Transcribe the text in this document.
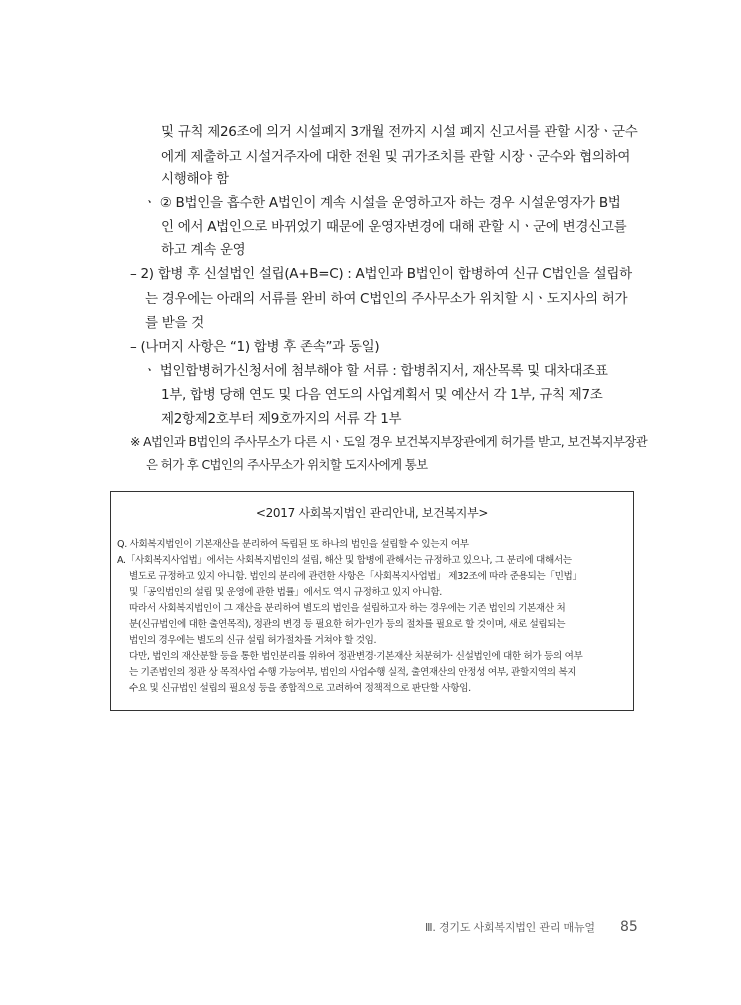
및 규칙 제26조에 의거 시설폐지 3개월 전까지 시설 폐지 신고서를 관할 시장ㆍ군수
에게 제출하고 시설거주자에 대한 전원 및 귀가조치를 관할 시장ㆍ군수와 협의하여
시행해야 함
ㆍ ② B법인을 흡수한 A법인이 계속 시설을 운영하고자 하는 경우 시설운영자가 B법
인 에서 A법인으로 바뀌었기 때문에 운영자변경에 대해 관할 시ㆍ군에 변경신고를
하고 계속 운영
– 2) 합병 후 신설법인 설립(A+B=C) : A법인과 B법인이 합병하여 신규 C법인을 설립하
는 경우에는 아래의 서류를 완비 하여 C법인의 주사무소가 위치할 시ㆍ도지사의 허가
를 받을 것
– (나머지 사항은 “1) 합병 후 존속”과 동일)
ㆍ 법인합병허가신청서에 첨부해야 할 서류 : 합병취지서, 재산목록 및 대차대조표
1부, 합병 당해 연도 및 다음 연도의 사업계획서 및 예산서 각 1부, 규칙 제7조
제2항제2호부터 제9호까지의 서류 각 1부
※ A법인과 B법인의 주사무소가 다른 시ㆍ도일 경우 보건복지부장관에게 허가를 받고, 보건복지부장관
은 허가 후 C법인의 주사무소가 위치할 도지사에게 통보
<2017 사회복지법인 관리안내, 보건복지부>
Q. 사회복지법인이 기본재산을 분리하여 독립된 또 하나의 법인을 설립할 수 있는지 여부
A.「사회복지사업법」에서는 사회복지법인의 설립, 해산 및 합병에 관해서는 규정하고 있으나, 그 분리에 대해서는
별도로 규정하고 있지 아니함. 법인의 분리에 관련한 사항은「사회복지사업법」 제32조에 따라 준용되는「민법」
및「공익법인의 설립 및 운영에 관한 법률」에서도 역시 규정하고 있지 아니함.
따라서 사회복지법인이 그 재산을 분리하여 별도의 법인을 설립하고자 하는 경우에는 기존 법인의 기본재산 처
분(신규법인에 대한 출연목적), 정관의 변경 등 필요한 허가·인가 등의 절차를 필요로 할 것이며, 새로 설립되는
법인의 경우에는 별도의 신규 설립 허가절차를 거쳐야 할 것임.
다만, 법인의 재산분할 등을 통한 법인분리를 위하여 정관변경·기본재산 처분허가· 신설법인에 대한 허가 등의 여부
는 기존법인의 정관 상 목적사업 수행 가능여부, 법인의 사업수행 실적, 출연재산의 안정성 여부, 관할지역의 복지
수요 및 신규법인 설립의 필요성 등을 종합적으로 고려하여 정책적으로 판단할 사항임.
Ⅲ. 경기도 사회복지법인 관리 매뉴얼 85
